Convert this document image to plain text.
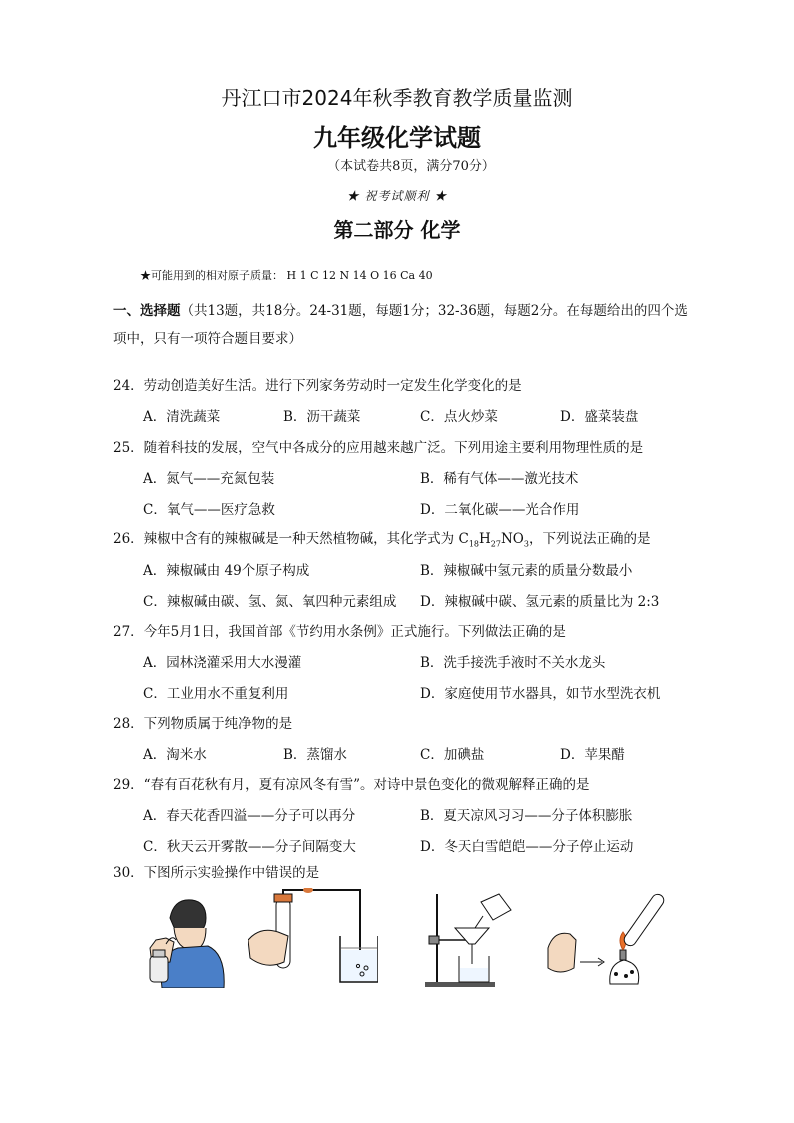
丹江口市2024年秋季教育教学质量监测
九年级化学试题
（本试卷共8页，满分70分）
★ 祝考试顺利 ★
第二部分 化学
★可能用到的相对原子质量： H 1 C 12 N 14 O 16 Ca 40
一、选择题（共13题，共18分。24-31题，每题1分；32-36题，每题2分。在每题给出的四个选项中，只有一项符合题目要求）
24．劳动创造美好生活。进行下列家务劳动时一定发生化学变化的是
A．清洗蔬菜	B．沥干蔬菜	C．点火炒菜	D．盛菜装盘
25．随着科技的发展，空气中各成分的应用越来越广泛。下列用途主要利用物理性质的是
A．氮气——充氮包装	B．稀有气体——激光技术
C．氧气——医疗急救	D．二氧化碳——光合作用
26．辣椒中含有的辣椒碱是一种天然植物碱，其化学式为 $C_{18}H_{27}NO_3$，下列说法正确的是
A．辣椒碱由 49个原子构成	B．辣椒碱中氢元素的质量分数最小
C．辣椒碱由碳、氢、氮、氧四种元素组成 D．辣椒碱中碳、氢元素的质量比为 2:3
27．今年5月1日，我国首部《节约用水条例》正式施行。下列做法正确的是
A．园林浇灌采用大水漫灌	B．洗手接洗手液时不关水龙头
C．工业用水不重复利用	D．家庭使用节水器具，如节水型洗衣机
28．下列物质属于纯净物的是
A．淘米水	B．蒸馏水	C．加碘盐	D．苹果醋
29．“春有百花秋有月，夏有凉风冬有雪”。对诗中景色变化的微观解释正确的是
A．春天花香四溢——分子可以再分	B．夏天凉风习习——分子体积膨胀
C．秋天云开雾散——分子间隔变大	D．冬天白雪皑皑——分子停止运动
30．下图所示实验操作中错误的是
